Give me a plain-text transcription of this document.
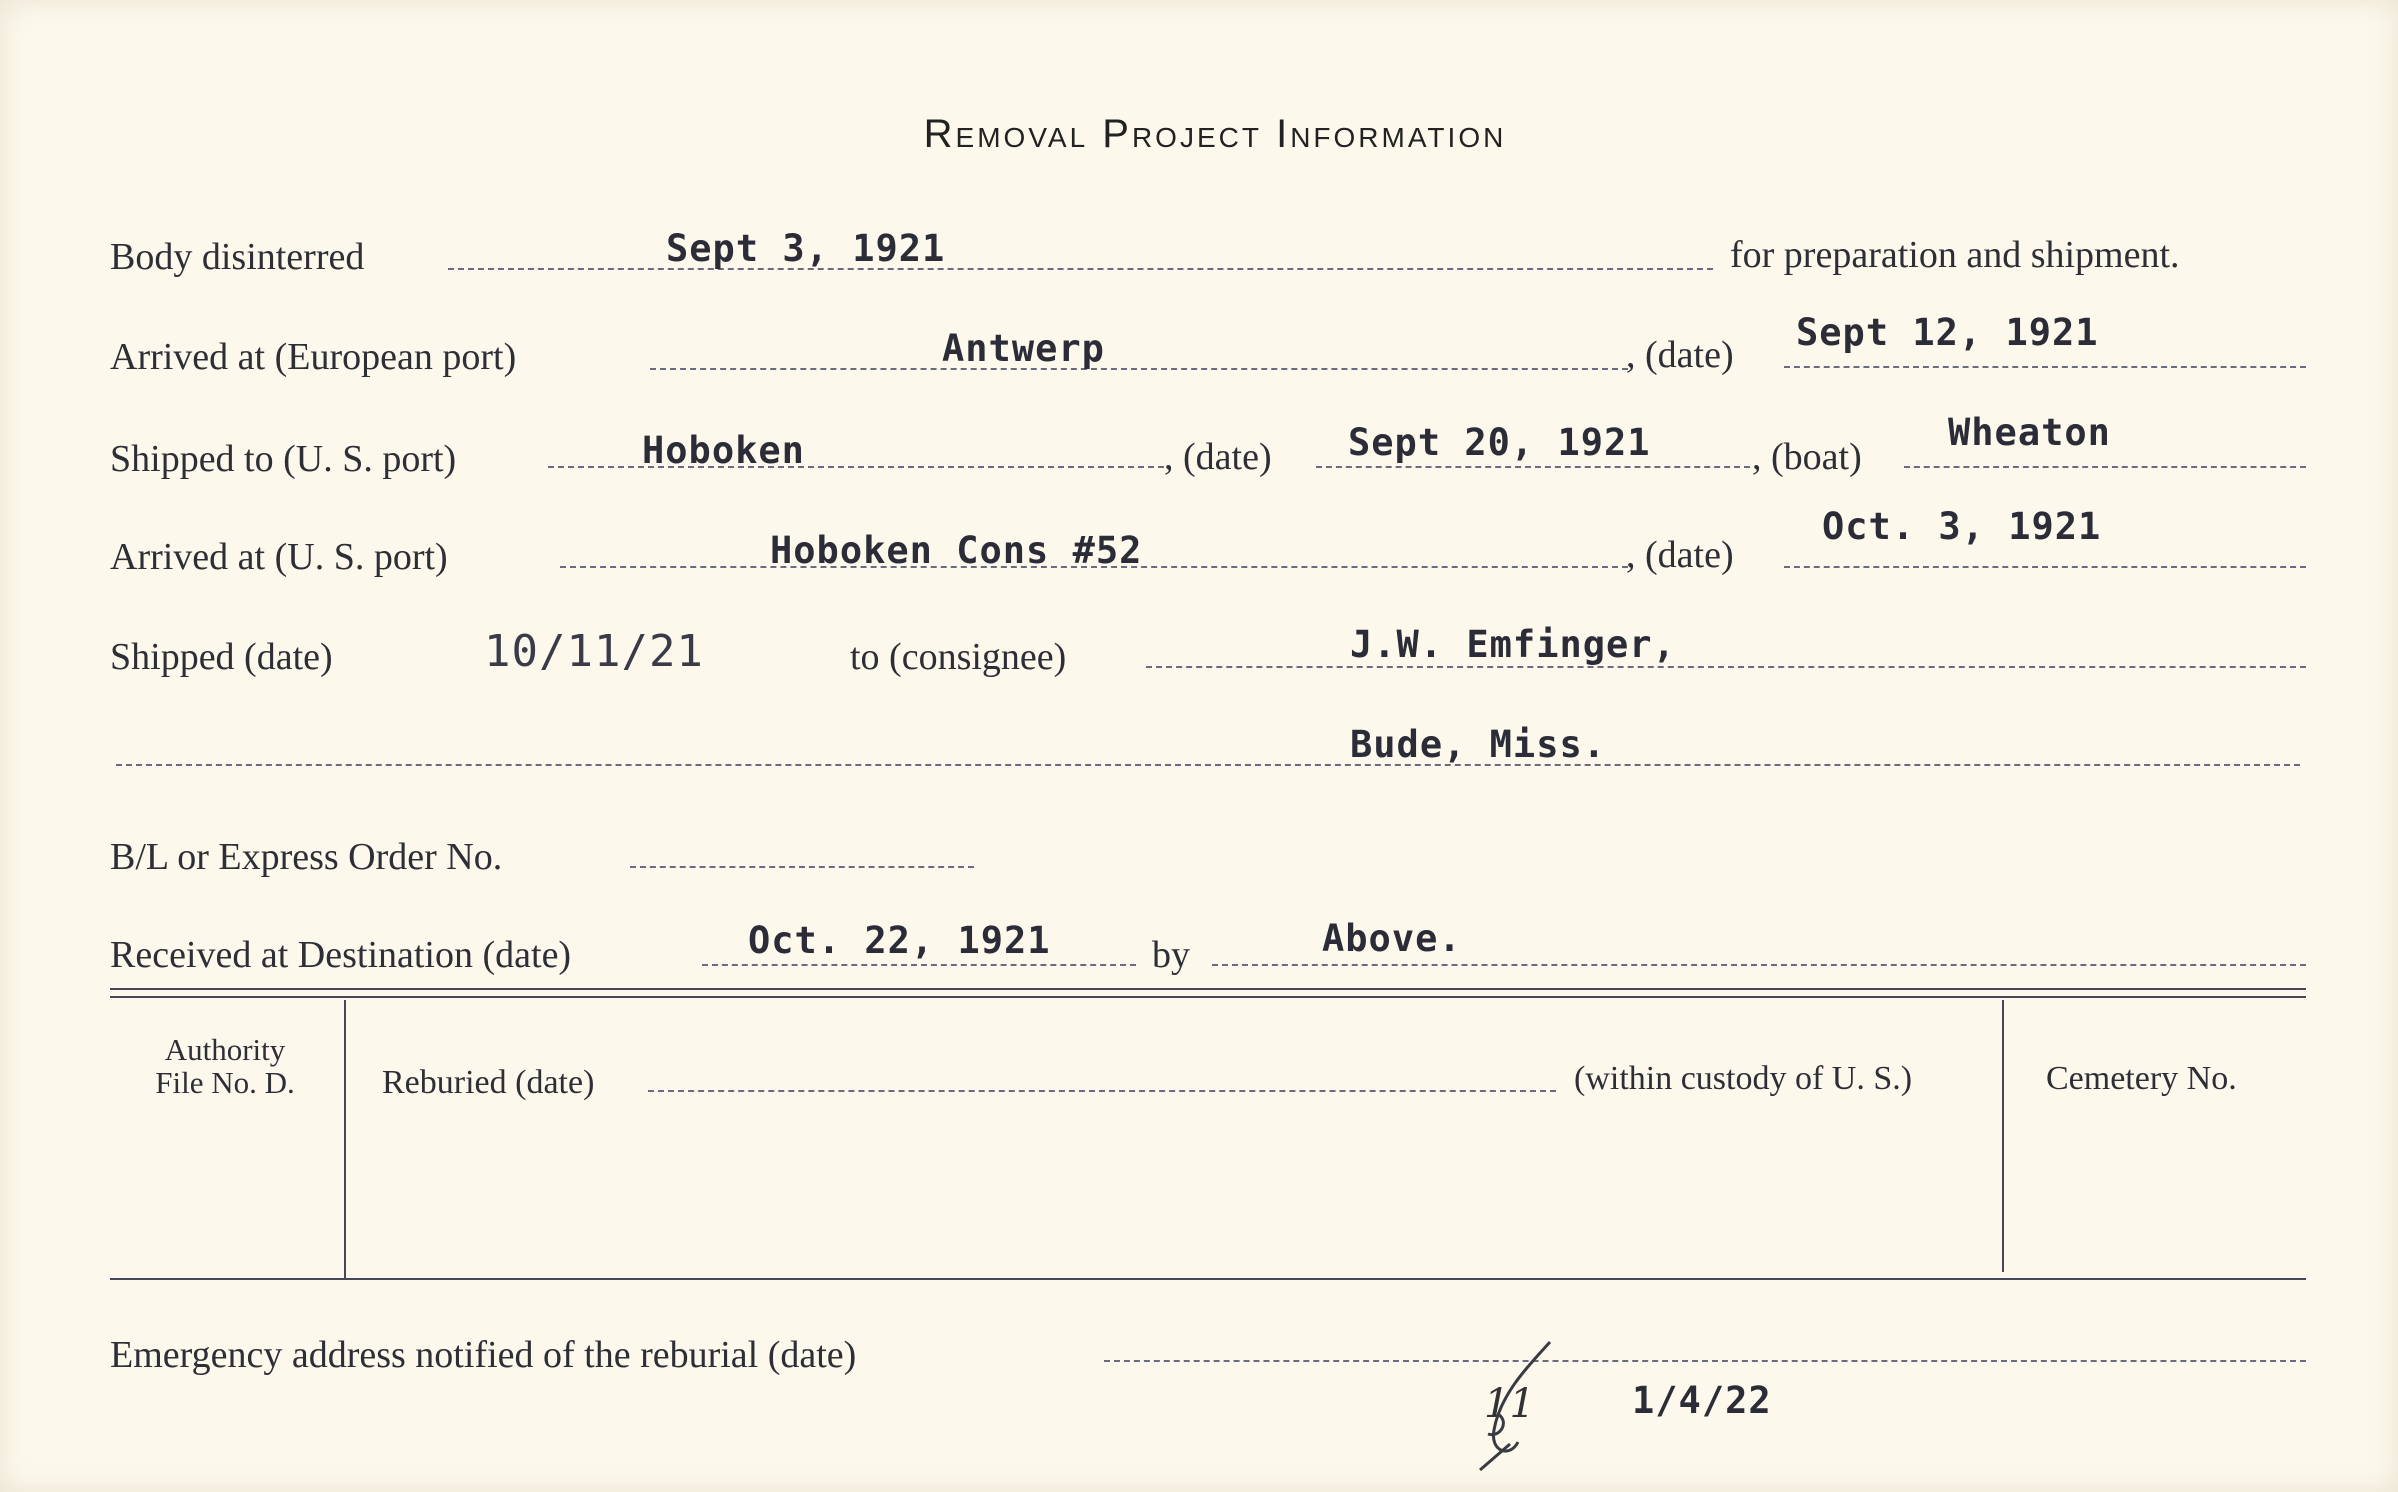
Removal Project Information
Body disinterred	Sept 3, 1921	for preparation and shipment.
Arrived at (European port)	Antwerp	, (date)
Sept 12, 1921
Shipped to (U. S. port)	Hoboken	, (date) Sept 20, 1921	, (boat)
Wheaton
Arrived at (U. S. port)	Hoboken Cons #52	, (date)
Oct. 3, 1921
Shipped (date)	10/11/21	to (consignee)	J.W. Emfinger,
Bude, Miss.
B/L or Express Order No.
Received at Destination (date)	Oct. 22, 1921	by	Above.
Authority
File No. D.	Reburied (date)	(within custody of U. S.)	Cemetery No.
Emergency address notified of the reburial (date)
11	1/4/22
